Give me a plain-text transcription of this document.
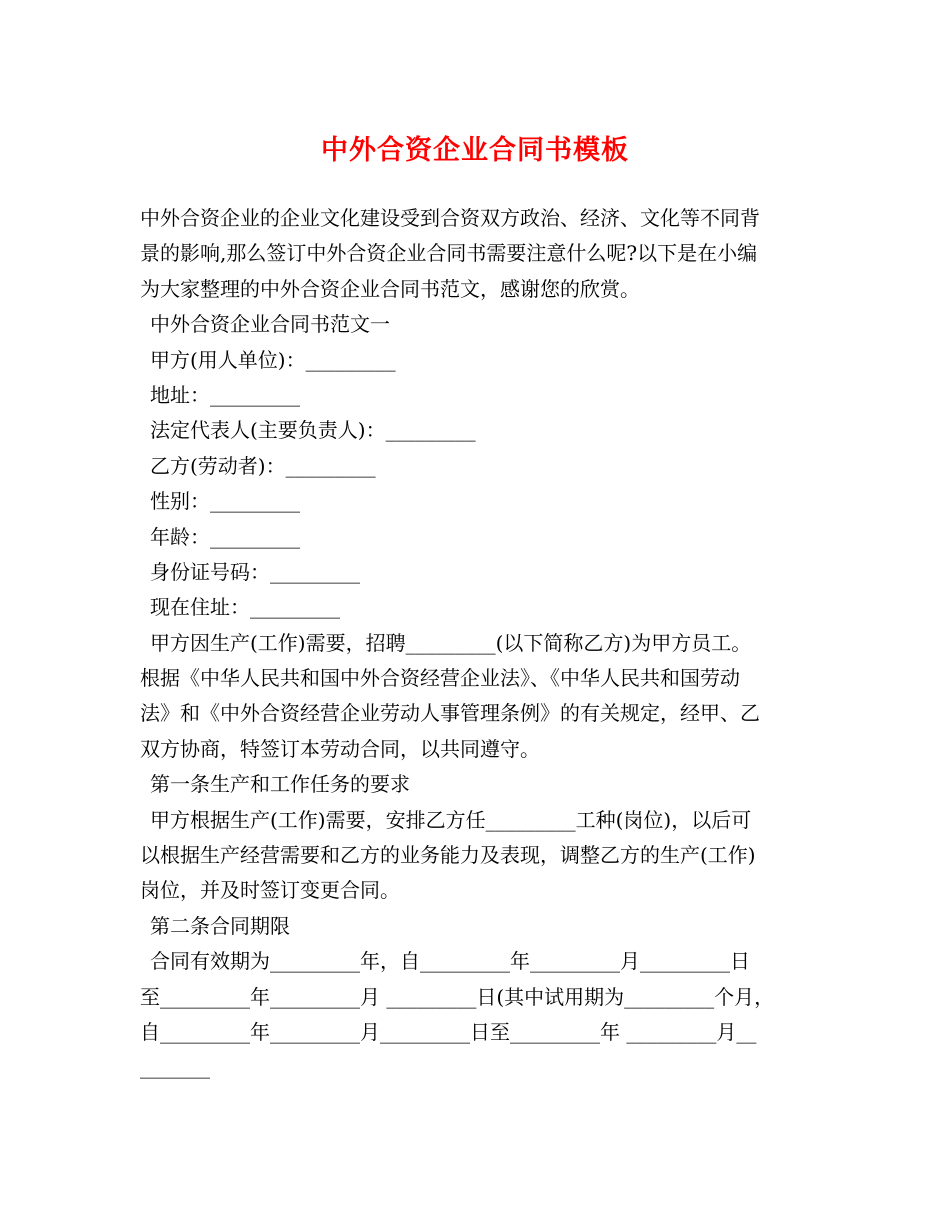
中外合资企业合同书模板
中外合资企业的企业文化建设受到合资双方政治、经济、文化等不同背
景的影响,那么签订中外合资企业合同书需要注意什么呢?以下是在小编
为大家整理的中外合资企业合同书范文，感谢您的欣赏。
中外合资企业合同书范文一
甲方(用人单位)：_________
地址：_________
法定代表人(主要负责人)：_________
乙方(劳动者)：_________
性别：_________
年龄：_________
身份证号码：_________
现在住址：_________
甲方因生产(工作)需要，招聘_________(以下简称乙方)为甲方员工。
根据《中华人民共和国中外合资经营企业法》、《中华人民共和国劳动
法》和《中外合资经营企业劳动人事管理条例》的有关规定，经甲、乙
双方协商，特签订本劳动合同，以共同遵守。
第一条生产和工作任务的要求
甲方根据生产(工作)需要，安排乙方任_________工种(岗位)，以后可
以根据生产经营需要和乙方的业务能力及表现，调整乙方的生产(工作)
岗位，并及时签订变更合同。
第二条合同期限
合同有效期为_________年，自_________年_________月_________日
至_________年_________月 _________日(其中试用期为_________个月，
自_________年_________月_________日至_________年 _________月__
_______
